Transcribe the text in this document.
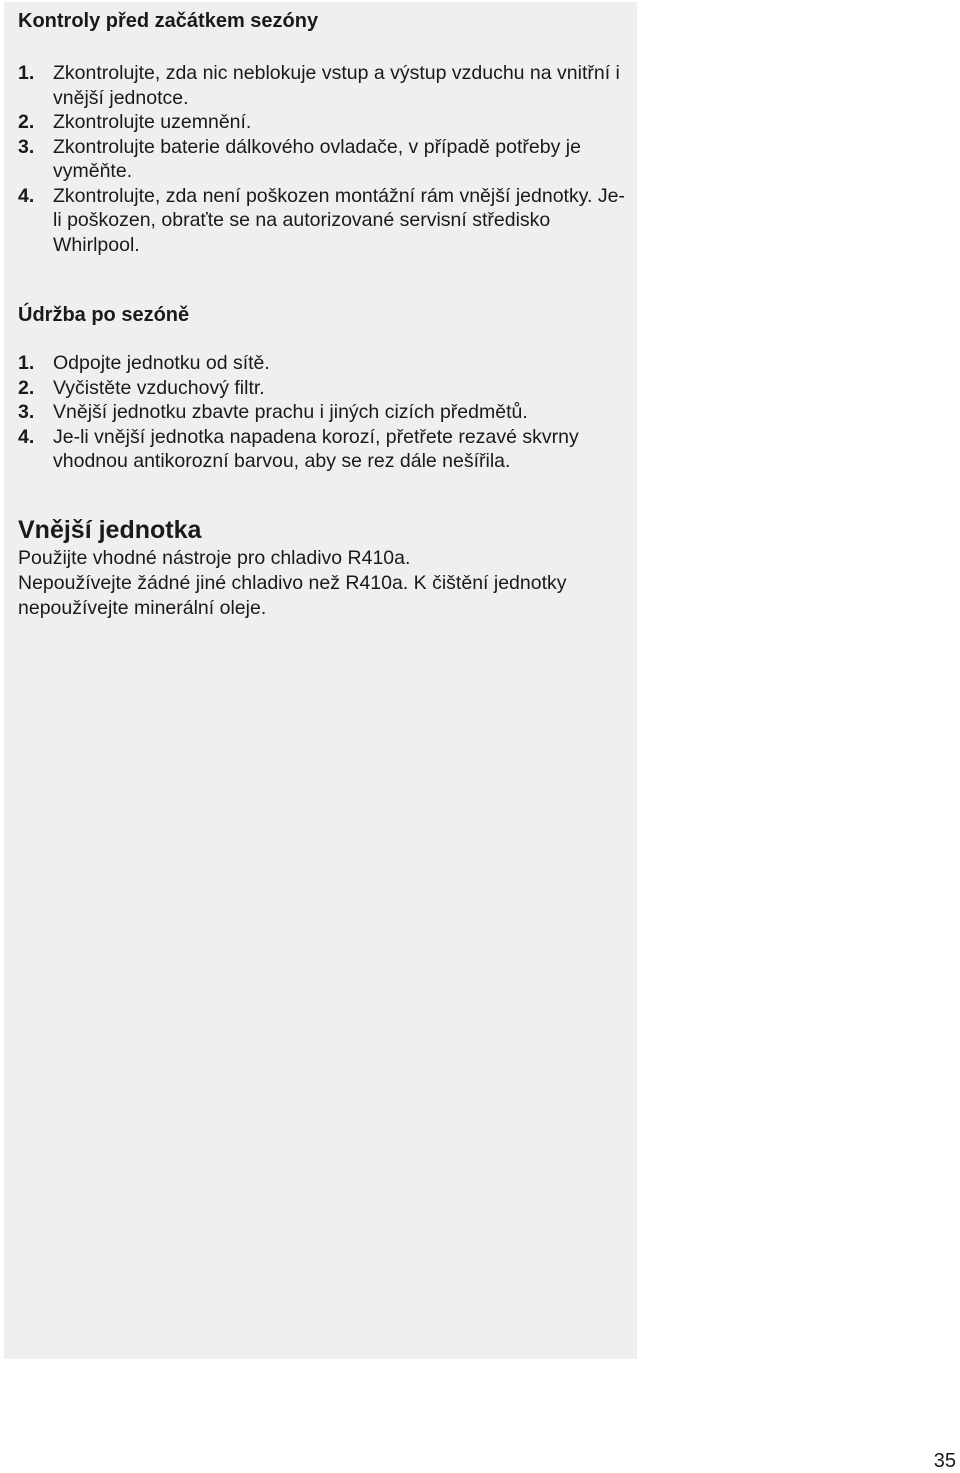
Kontroly před začátkem sezóny
1. Zkontrolujte, zda nic neblokuje vstup a výstup vzduchu na vnitřní i vnější jednotce.
2. Zkontrolujte uzemnění.
3. Zkontrolujte baterie dálkového ovladače, v případě potřeby je vyměňte.
4. Zkontrolujte, zda není poškozen montážní rám vnější jednotky. Je-li poškozen, obraťte se na autorizované servisní středisko Whirlpool.
Údržba po sezóně
1. Odpojte jednotku od sítě.
2. Vyčistěte vzduchový filtr.
3. Vnější jednotku zbavte prachu i jiných cizích předmětů.
4. Je-li vnější jednotka napadena korozí, přetřete rezavé skvrny vhodnou antikorozní barvou, aby se rez dále nešířila.
Vnější jednotka

Použijte vhodné nástroje pro chladivo R410a.
Nepoužívejte žádné jiné chladivo než R410a. K čištění jednotky nepoužívejte minerální oleje.

35
